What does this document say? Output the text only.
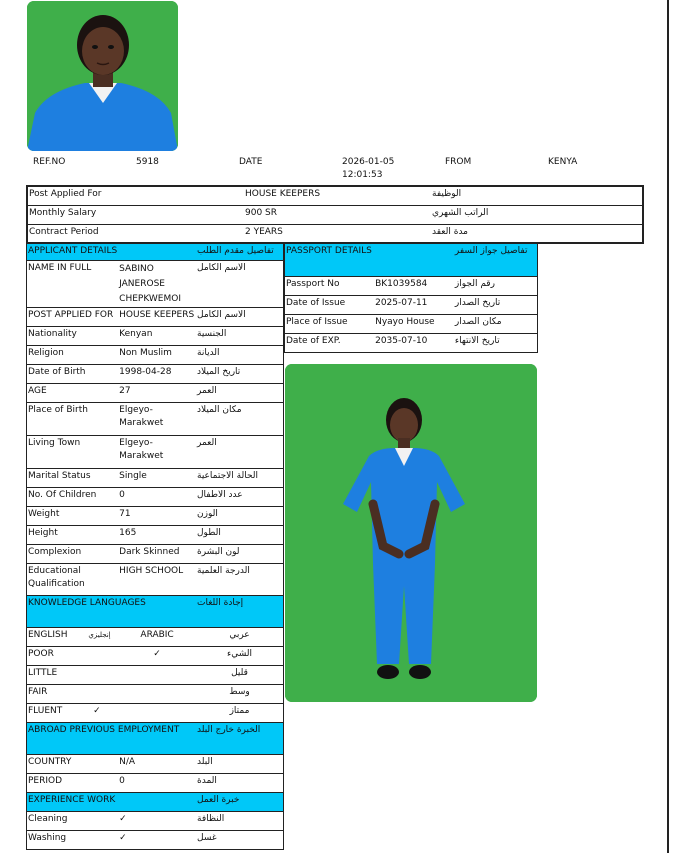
REF.NO	5918	DATE	2026-01-05
12:01:53
FROM	KENYA
Post Applied For	HOUSE KEEPERS	الوظيفة
Monthly Salary	900 SR	الراتب الشهري
Contract Period	2 YEARS	مدة العقد
APPLICANT DETAILS		تفاصيل مقدم الطلب
NAME IN FULL	SABINO JANEROSE CHEPKWEMOI	الاسم الكامل
POST APPLIED FOR	HOUSE KEEPERS	الاسم الكامل
Nationality	Kenyan	الجنسية
Religion	Non Muslim	الديانة
Date of Birth	1998-04-28	تاريخ الميلاد
AGE	27	العمر
Place of Birth	Elgeyo-Marakwet	مكان الميلاد
Living Town	Elgeyo-Marakwet	العمر
Marital Status	Single	الحالة الاجتماعية
No. Of Children	0	عدد الاطفال
Weight	71	الوزن
Height	165	الطول
Complexion	Dark Skinned	لون البشرة
Educational Qualification	HIGH SCHOOL	الدرجة العلمية
KNOWLEDGE LANGUAGES		إجادة اللغات
ENGLISH إنجليزي	ARABIC	عربي
POOR	✓	الشيء
LITTLE		قليل
FAIR		وسط
FLUENT ✓		ممتاز
ABROAD PREVIOUS EMPLOYMENT		الخبرة خارج البلد
COUNTRY	N/A	البلد
PERIOD	0	المدة
EXPERIENCE WORK		خبرة العمل
Cleaning	✓	النظافة
Washing	✓	غسل
PASSPORT DETAILS		تفاصيل جواز السفر
Passport No	BK1039584	رقم الجواز
Date of Issue	2025-07-11	تاريخ الصدار
Place of Issue	Nyayo House	مكان الصدار
Date of EXP.	2035-07-10	تاريخ الانتهاء
